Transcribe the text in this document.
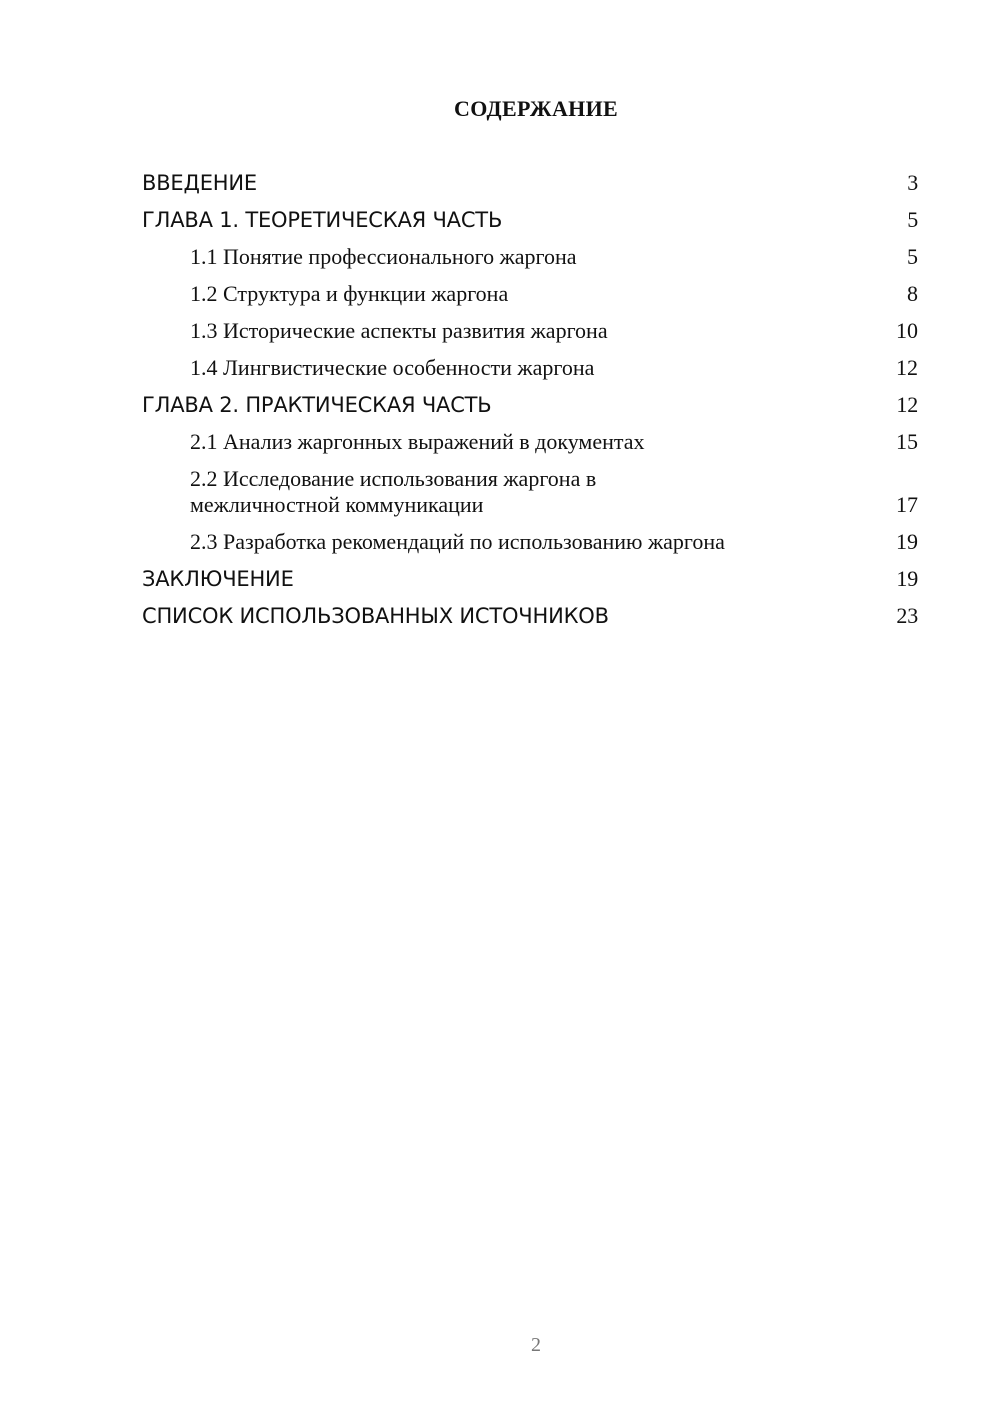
СОДЕРЖАНИЕ
ВВЕДЕНИЕ	3
ГЛАВА 1. ТЕОРЕТИЧЕСКАЯ ЧАСТЬ	5
1.1 Понятие профессионального жаргона	5
1.2 Структура и функции жаргона	8
1.3 Исторические аспекты развития жаргона	10
1.4 Лингвистические особенности жаргона	12
ГЛАВА 2. ПРАКТИЧЕСКАЯ ЧАСТЬ	12
2.1 Анализ жаргонных выражений в документах	15
2.2 Исследование использования жаргона в межличностной коммуникации	17
2.3 Разработка рекомендаций по использованию жаргона	19
ЗАКЛЮЧЕНИЕ	19
СПИСОК ИСПОЛЬЗОВАННЫХ ИСТОЧНИКОВ	23
2
